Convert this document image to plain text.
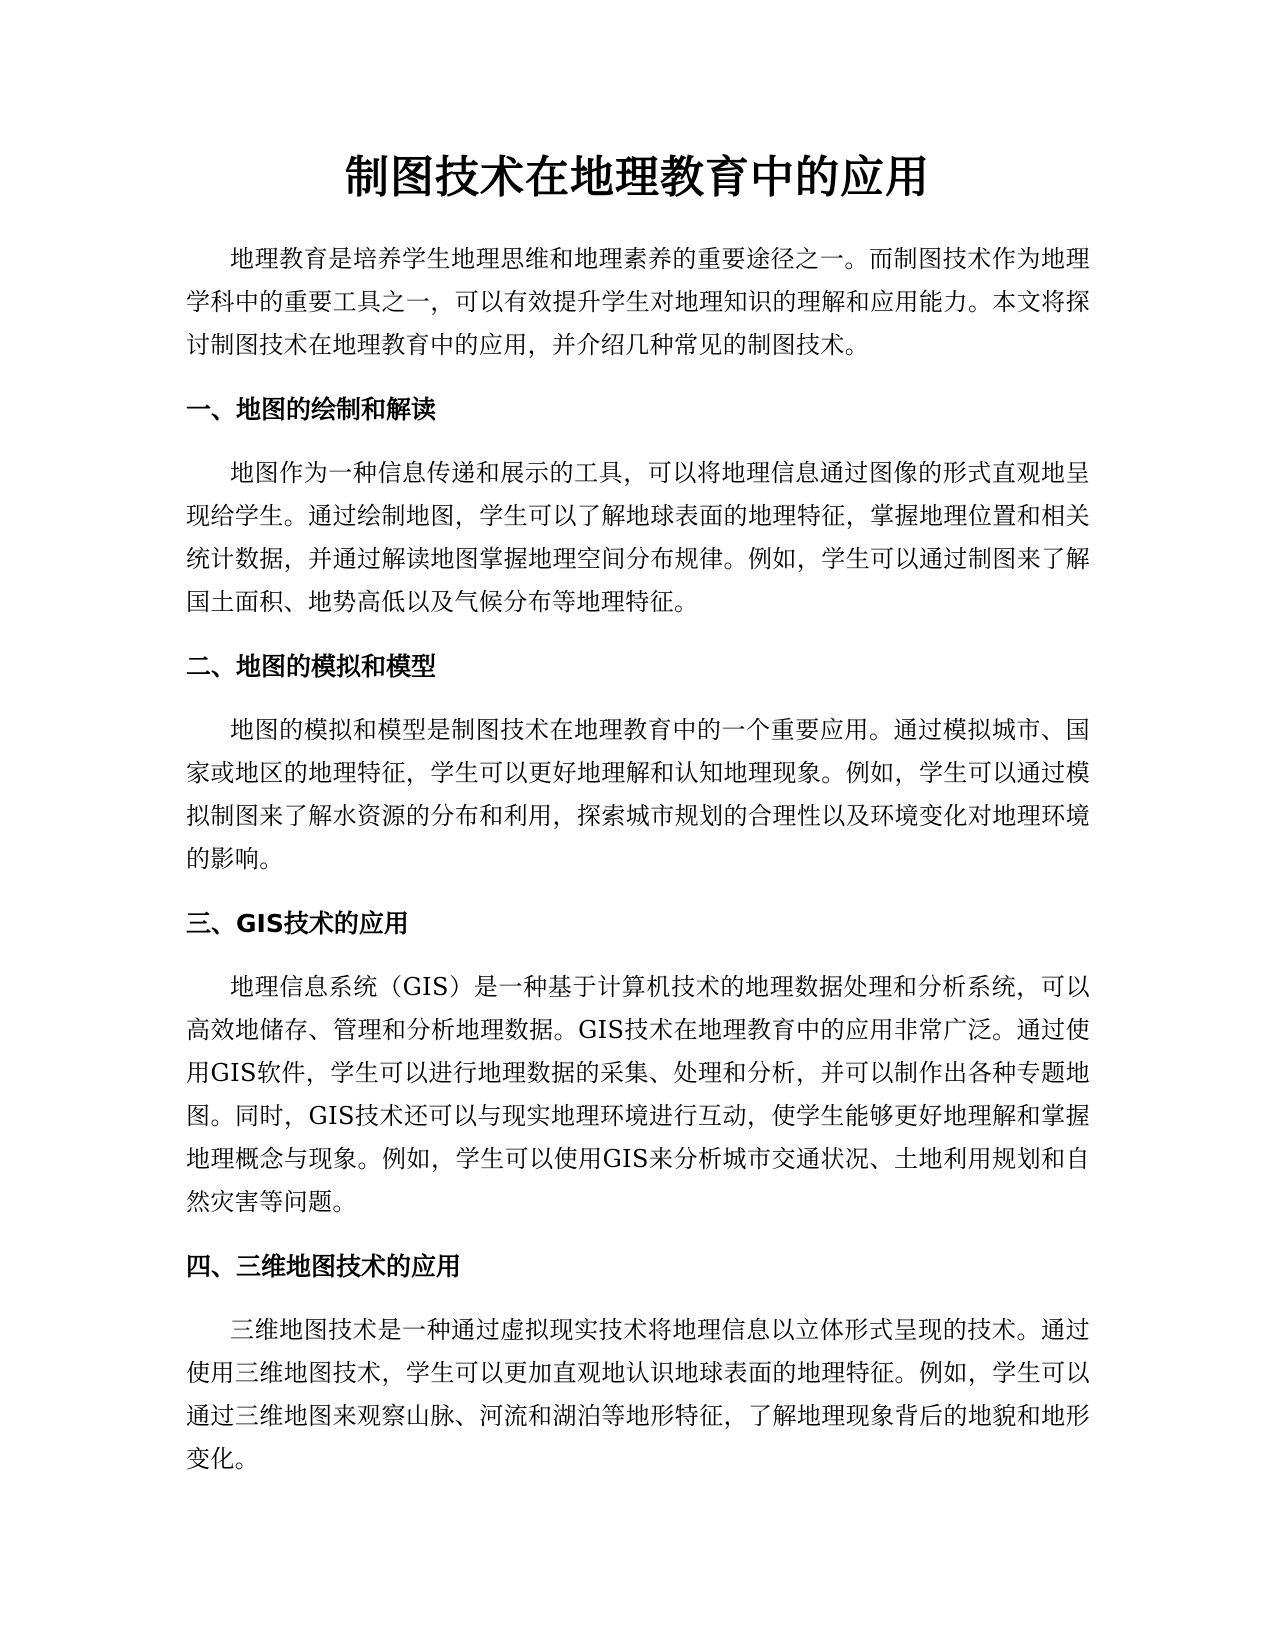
制图技术在地理教育中的应用

地理教育是培养学生地理思维和地理素养的重要途径之一。而制图技术作为地理学科中的重要工具之一，可以有效提升学生对地理知识的理解和应用能力。本文将探讨制图技术在地理教育中的应用，并介绍几种常见的制图技术。

一、地图的绘制和解读

地图作为一种信息传递和展示的工具，可以将地理信息通过图像的形式直观地呈现给学生。通过绘制地图，学生可以了解地球表面的地理特征，掌握地理位置和相关统计数据，并通过解读地图掌握地理空间分布规律。例如，学生可以通过制图来了解国土面积、地势高低以及气候分布等地理特征。

二、地图的模拟和模型

地图的模拟和模型是制图技术在地理教育中的一个重要应用。通过模拟城市、国家或地区的地理特征，学生可以更好地理解和认知地理现象。例如，学生可以通过模拟制图来了解水资源的分布和利用，探索城市规划的合理性以及环境变化对地理环境的影响。

三、GIS技术的应用

地理信息系统（GIS）是一种基于计算机技术的地理数据处理和分析系统，可以高效地储存、管理和分析地理数据。GIS技术在地理教育中的应用非常广泛。通过使用GIS软件，学生可以进行地理数据的采集、处理和分析，并可以制作出各种专题地图。同时，GIS技术还可以与现实地理环境进行互动，使学生能够更好地理解和掌握地理概念与现象。例如，学生可以使用GIS来分析城市交通状况、土地利用规划和自然灾害等问题。

四、三维地图技术的应用

三维地图技术是一种通过虚拟现实技术将地理信息以立体形式呈现的技术。通过使用三维地图技术，学生可以更加直观地认识地球表面的地理特征。例如，学生可以通过三维地图来观察山脉、河流和湖泊等地形特征，了解地理现象背后的地貌和地形变化。
